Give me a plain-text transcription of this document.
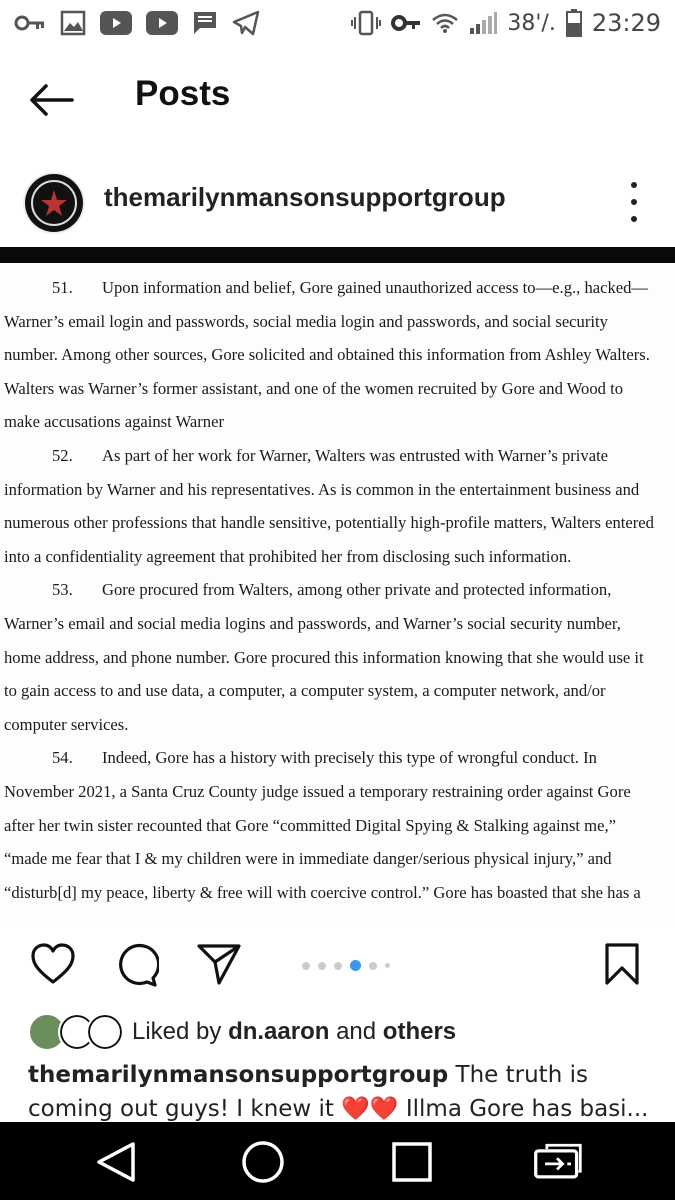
38'/. 23:29
Posts
themarilynmansonsupportgroup
51. Upon information and belief, Gore gained unauthorized access to—e.g., hacked—
Warner’s email login and passwords, social media login and passwords, and social security
number. Among other sources, Gore solicited and obtained this information from Ashley Walters.
Walters was Warner’s former assistant, and one of the women recruited by Gore and Wood to
make accusations against Warner
52. As part of her work for Warner, Walters was entrusted with Warner’s private
information by Warner and his representatives. As is common in the entertainment business and
numerous other professions that handle sensitive, potentially high-profile matters, Walters entered
into a confidentiality agreement that prohibited her from disclosing such information.
53. Gore procured from Walters, among other private and protected information,
Warner’s email and social media logins and passwords, and Warner’s social security number,
home address, and phone number. Gore procured this information knowing that she would use it
to gain access to and use data, a computer, a computer system, a computer network, and/or
computer services.
54. Indeed, Gore has a history with precisely this type of wrongful conduct. In
November 2021, a Santa Cruz County judge issued a temporary restraining order against Gore
after her twin sister recounted that Gore “committed Digital Spying & Stalking against me,”
“made me fear that I & my children were in immediate danger/serious physical injury,” and
“disturb[d] my peace, liberty & free will with coercive control.” Gore has boasted that she has a
Liked by dn.aaron and others
themarilynmansonsupportgroup The truth is coming out guys! I knew it ❤️❤️ Illma Gore has basi...
